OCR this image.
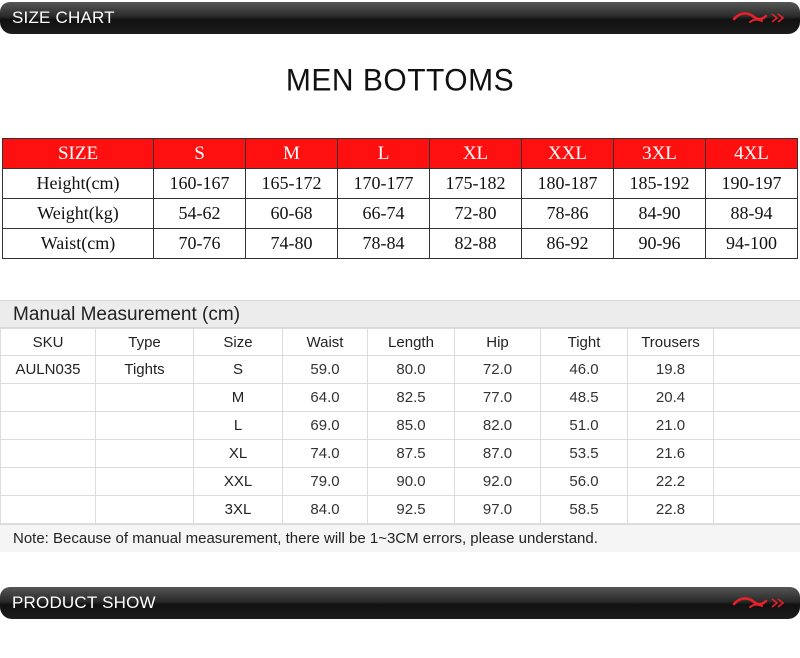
SIZE CHART
MEN BOTTOMS
SIZE	S	M	L	XL	XXL	3XL	4XL
Height(cm)	160-167	165-172	170-177	175-182	180-187	185-192	190-197
Weight(kg)	54-62	60-68	66-74	72-80	78-86	84-90	88-94
Waist(cm)	70-76	74-80	78-84	82-88	86-92	90-96	94-100
Manual Measurement (cm)
SKU	Type	Size	Waist	Length	Hip	Tight	Trousers	
AULN035	Tights	S	59.0	80.0	72.0	46.0	19.8	
		M	64.0	82.5	77.0	48.5	20.4	
		L	69.0	85.0	82.0	51.0	21.0	
		XL	74.0	87.5	87.0	53.5	21.6	
		XXL	79.0	90.0	92.0	56.0	22.2	
		3XL	84.0	92.5	97.0	58.5	22.8	
Note: Because of manual measurement, there will be 1~3CM errors, please understand.
PRODUCT SHOW
